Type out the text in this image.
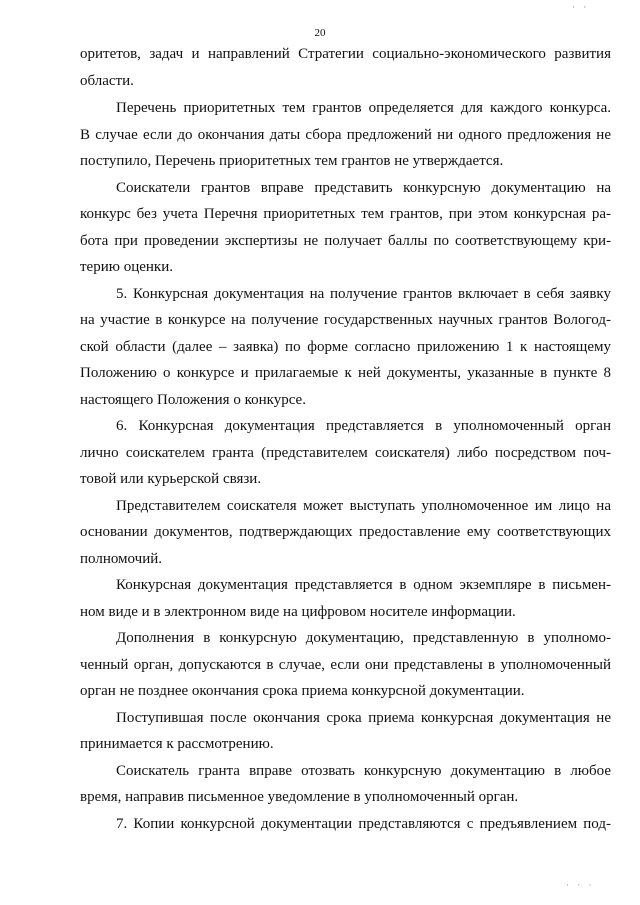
20
оритетов, задач и направлений Стратегии социально-экономического развития
области.
Перечень приоритетных тем грантов определяется для каждого конкурса.
В случае если до окончания даты сбора предложений ни одного предложения не
поступило, Перечень приоритетных тем грантов не утверждается.
Соискатели грантов вправе представить конкурсную документацию на
конкурс без учета Перечня приоритетных тем грантов, при этом конкурсная ра-
бота при проведении экспертизы не получает баллы по соответствующему кри-
терию оценки.
5. Конкурсная документация на получение грантов включает в себя заявку
на участие в конкурсе на получение государственных научных грантов Вологод-
ской области (далее – заявка) по форме согласно приложению 1 к настоящему
Положению о конкурсе и прилагаемые к ней документы, указанные в пункте 8
настоящего Положения о конкурсе.
6. Конкурсная документация представляется в уполномоченный орган
лично соискателем гранта (представителем соискателя) либо посредством поч-
товой или курьерской связи.
Представителем соискателя может выступать уполномоченное им лицо на
основании документов, подтверждающих предоставление ему соответствующих
полномочий.
Конкурсная документация представляется в одном экземпляре в письмен-
ном виде и в электронном виде на цифровом носителе информации.
Дополнения в конкурсную документацию, представленную в уполномо-
ченный орган, допускаются в случае, если они представлены в уполномоченный
орган не позднее окончания срока приема конкурсной документации.
Поступившая после окончания срока приема конкурсная документация не
принимается к рассмотрению.
Соискатель гранта вправе отозвать конкурсную документацию в любое
время, направив письменное уведомление в уполномоченный орган.
7. Копии конкурсной документации представляются с предъявлением под-
· ·
· · ·
